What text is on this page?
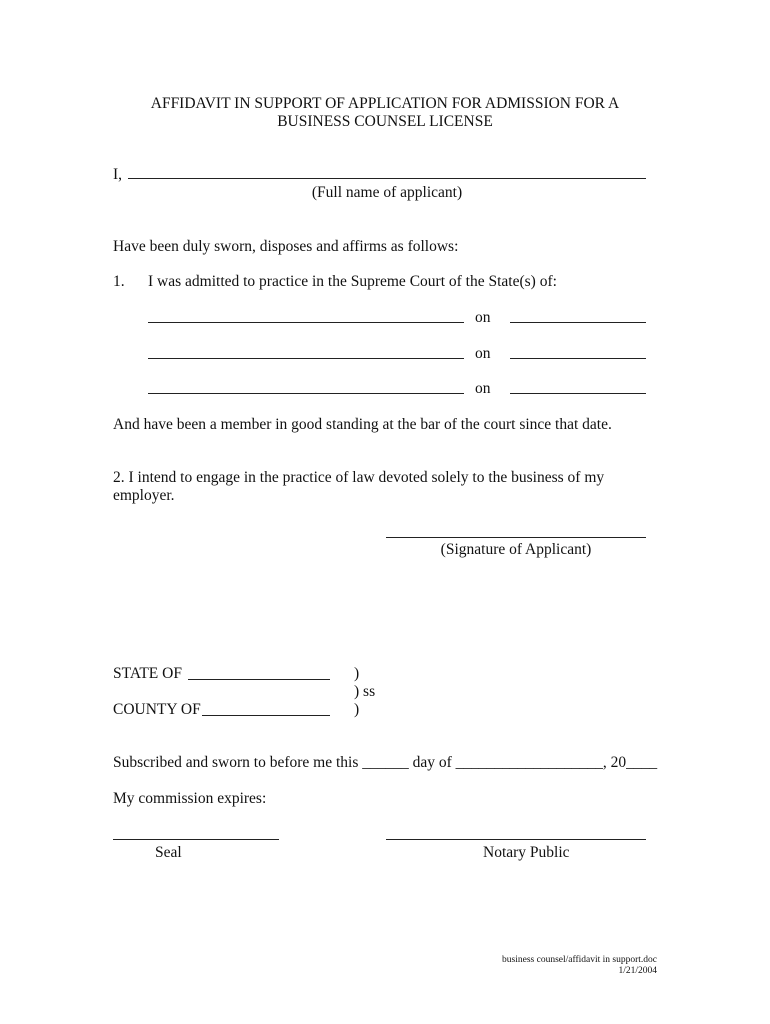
AFFIDAVIT IN SUPPORT OF APPLICATION FOR ADMISSION FOR A
BUSINESS COUNSEL LICENSE
I,
(Full name of applicant)
Have been duly sworn, disposes and affirms as follows:
1. I was admitted to practice in the Supreme Court of the State(s) of:
on
on
on
And have been a member in good standing at the bar of the court since that date.
2. I intend to engage in the practice of law devoted solely to the business of my
employer.
(Signature of Applicant)
STATE OF
COUNTY OF
)
) ss
)
Subscribed and sworn to before me this ______ day of ___________________, 20____
My commission expires:
Seal	Notary Public
business counsel/affidavit in support.doc
1/21/2004
